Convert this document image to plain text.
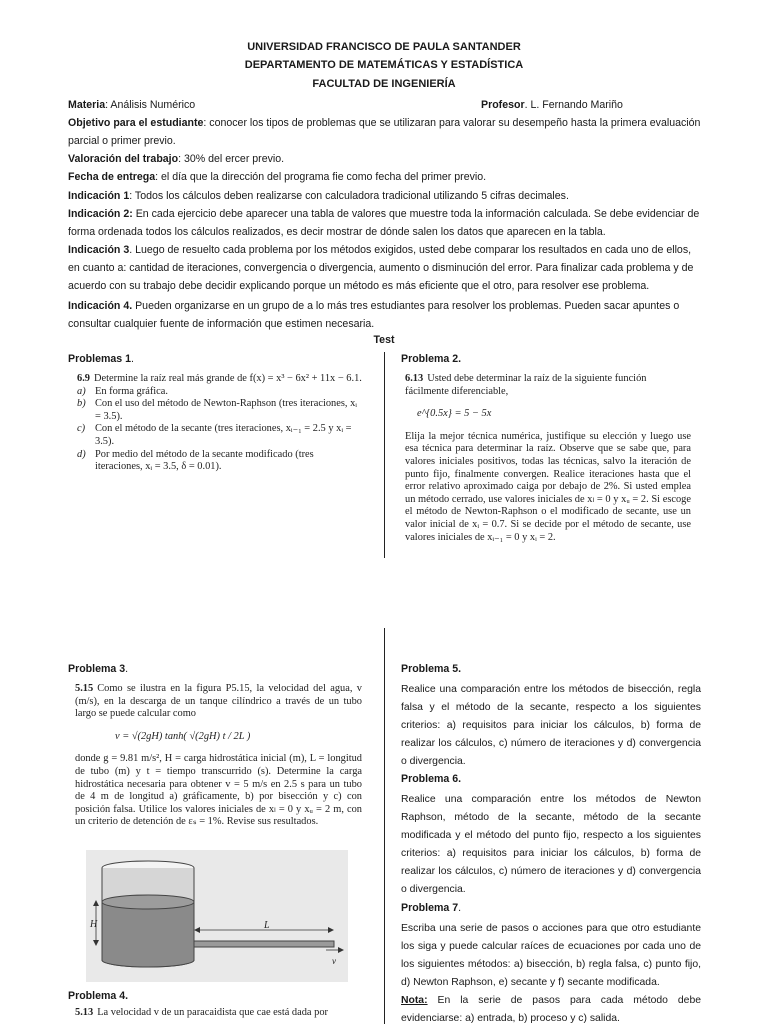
UNIVERSIDAD FRANCISCO DE PAULA SANTANDER
DEPARTAMENTO DE MATEMÁTICAS Y ESTADÍSTICA
FACULTAD DE INGENIERÍA
Materia: Análisis Numérico	Profesor. L. Fernando Mariño
Objetivo para el estudiante: conocer los tipos de problemas que se utilizaran para valorar su desempeño hasta la primera evaluación parcial o primer previo.
Valoración del trabajo: 30% del ercer previo.
Fecha de entrega: el día que la dirección del programa fie como fecha del primer previo.
Indicación 1: Todos los cálculos deben realizarse con calculadora tradicional utilizando 5 cifras decimales.
Indicación 2: En cada ejercicio debe aparecer una tabla de valores que muestre toda la información calculada. Se debe evidenciar de forma ordenada todos los cálculos realizados, es decir mostrar de dónde salen los datos que aparecen en la tabla.
Indicación 3. Luego de resuelto cada problema por los métodos exigidos, usted debe comparar los resultados en cada uno de ellos, en cuanto a: cantidad de iteraciones, convergencia o divergencia, aumento o disminución del error. Para finalizar cada problema y de acuerdo con su trabajo debe decidir explicando porque un método es más eficiente que el otro, para resolver ese problema.
Indicación 4. Pueden organizarse en un grupo de a lo más tres estudiantes para resolver los problemas. Pueden sacar apuntes o consultar cualquier fuente de información que estimen necesaria.
Test
Problemas 1.
6.9 Determine la raíz real más grande de f(x) = x³ − 6x² + 11x − 6.1.
a) En forma gráfica.
b) Con el uso del método de Newton-Raphson (tres iteraciones, xᵢ = 3.5).
c) Con el método de la secante (tres iteraciones, xᵢ₋₁ = 2.5 y xᵢ = 3.5).
d) Por medio del método de la secante modificado (tres iteraciones, xᵢ = 3.5, δ = 0.01).
Problema 2.
6.13 Usted debe determinar la raíz de la siguiente función fácilmente diferenciable,
e^{0.5x} = 5 − 5x
Elija la mejor técnica numérica, justifique su elección y luego use esa técnica para determinar la raíz. Observe que se sabe que, para valores iniciales positivos, todas las técnicas, salvo la iteración de punto fijo, finalmente convergen. Realice iteraciones hasta que el error relativo aproximado caiga por debajo de 2%. Si usted emplea un método cerrado, use valores iniciales de xₗ = 0 y xᵤ = 2. Si escoge el método de Newton-Raphson o el modificado de secante, use un valor inicial de xᵢ = 0.7. Si se decide por el método de secante, use valores iniciales de xᵢ₋₁ = 0 y xᵢ = 2.
Problema 3.
5.15 Como se ilustra en la figura P5.15, la velocidad del agua, v (m/s), en la descarga de un tanque cilíndrico a través de un tubo largo se puede calcular como
v = √(2gH) tanh( √(2gH) t / 2L )
donde g = 9.81 m/s², H = carga hidrostática inicial (m), L = longitud de tubo (m) y t = tiempo transcurrido (s). Determine la carga hidrostática necesaria para obtener v = 5 m/s en 2.5 s para un tubo de 4 m de longitud a) gráficamente, b) por bisección y c) con posición falsa. Utilice los valores iniciales de xₗ = 0 y xᵤ = 2 m, con un criterio de detención de εₛ = 1%. Revise sus resultados.
H	L
v
Problema 4.
5.13 La velocidad v de un paracaidista que cae está dada por
Problema 5.
Realice una comparación entre los métodos de bisección, regla falsa y el método de la secante, respecto a los siguientes criterios: a) requisitos para iniciar los cálculos, b) forma de realizar los cálculos, c) número de iteraciones y d) convergencia o divergencia.
Problema 6.
Realice una comparación entre los métodos de Newton Raphson, método de la secante, método de la secante modificada y el método del punto fijo, respecto a los siguientes criterios: a) requisitos para iniciar los cálculos, b) forma de realizar los cálculos, c) número de iteraciones y d) convergencia o divergencia.
Problema 7.
Escriba una serie de pasos o acciones para que otro estudiante los siga y puede calcular raíces de ecuaciones por cada uno de los siguientes métodos: a) bisección, b) regla falsa, c) punto fijo, d) Newton Raphson, e) secante y f) secante modificada.
Nota: En la serie de pasos para cada método debe evidenciarse: a) entrada, b) proceso y c) salida.
